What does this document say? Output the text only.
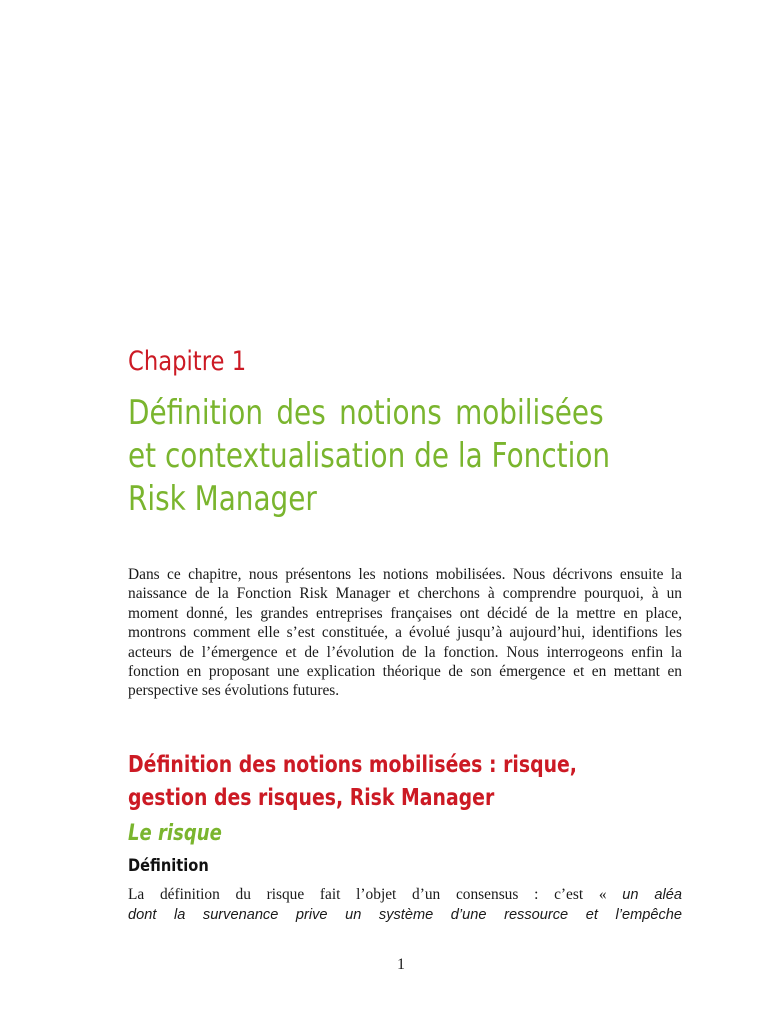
Chapitre 1
Définition des notions mobilisées
et contextualisation de la Fonction
Risk Manager

Dans ce chapitre, nous présentons les notions mobilisées. Nous décrivons ensuite la naissance de la Fonction Risk Manager et cherchons à comprendre pourquoi, à un moment donné, les grandes entreprises françaises ont décidé de la mettre en place, montrons comment elle s’est constituée, a évolué jusqu’à aujourd’hui, identifions les acteurs de l’émergence et de l’évolution de la fonction. Nous interrogeons enfin la fonction en proposant une explication théorique de son émergence et en mettant en perspective ses évolutions futures.

Définition des notions mobilisées : risque,
gestion des risques, Risk Manager
Le risque
Définition

La définition du risque fait l’objet d’un consensus : c’est « un aléa
dont la survenance prive un système d’une ressource et l’empêche

1
